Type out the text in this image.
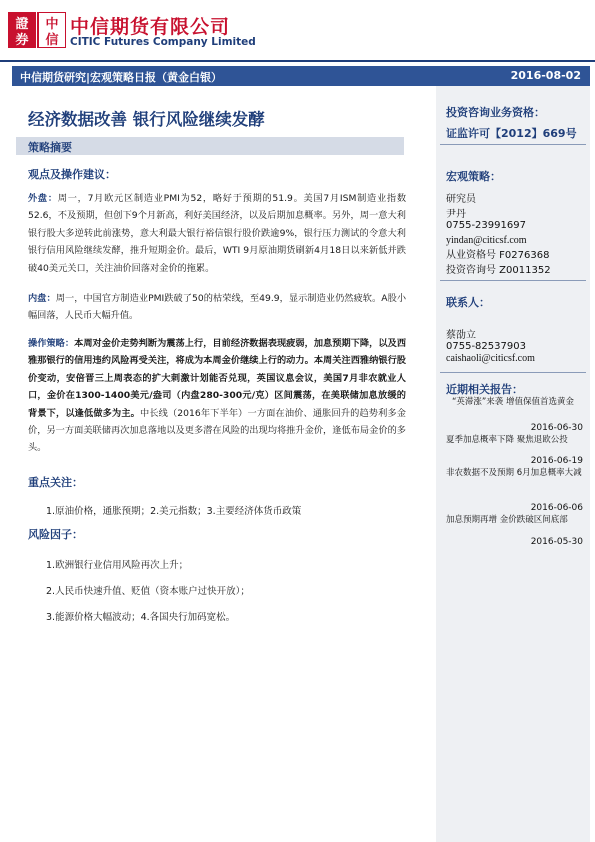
證
券
中
信
中信期货有限公司
CITIC Futures Company Limited
中信期货研究|宏观策略日报（黄金白银）	2016-08-02
投资咨询业务资格：
证监许可【2012】669号
宏观策略：
研究员
尹丹
0755-23991697
yindan@citicsf.com
从业资格号 F0276368
投资咨询号 Z0011352
联系人：
蔡劭立
0755-82537903
caishaoli@citicsf.com
近期相关报告：
“英滞涨”来袭 增值保值首选黄金
2016-06-30
夏季加息概率下降 聚焦退欧公投
2016-06-19
非农数据不及预期 6月加息概率大减
2016-06-06
加息预期再增 金价跌破区间底部
2016-05-30
经济数据改善 银行风险继续发酵
策略摘要
观点及操作建议：
外盘：周一，7月欧元区制造业PMI为52，略好于预期的51.9。美国7月ISM制造业指数52.6，不及预期，但创下9个月新高，利好美国经济，以及后期加息概率。另外，周一意大利银行股大多逆转此前涨势，意大利最大银行裕信银行股价跌逾9%，银行压力测试的令意大利银行信用风险继续发酵，推升短期金价。最后，WTI 9月原油期货刷新4月18日以来新低并跌破40美元关口，关注油价回落对金价的拖累。
内盘：周一，中国官方制造业PMI跌破了50的枯荣线，至49.9，显示制造业仍然疲软。A股小幅回落，人民币大幅升值。
操作策略：本周对金价走势判断为震荡上行，目前经济数据表现疲弱，加息预期下降，以及西雅那银行的信用违约风险再受关注，将成为本周金价继续上行的动力。本周关注西雅纳银行股价变动，安倍晋三上周表态的扩大刺激计划能否兑现，英国议息会议，美国7月非农就业人口，金价在1300-1400美元/盎司（内盘280-300元/克）区间震荡，在美联储加息放缓的背景下，以逢低做多为主。中长线（2016年下半年）一方面在油价、通胀回升的趋势利多金价，另一方面美联储再次加息落地以及更多潜在风险的出现均将推升金价，逢低布局金价的多头。
重点关注：
1.原油价格，通胀预期；2.美元指数；3.主要经济体货币政策
风险因子：
1.欧洲银行业信用风险再次上升；
2.人民币快速升值、贬值（资本账户过快开放）；
3.能源价格大幅波动；4.各国央行加码宽松。
